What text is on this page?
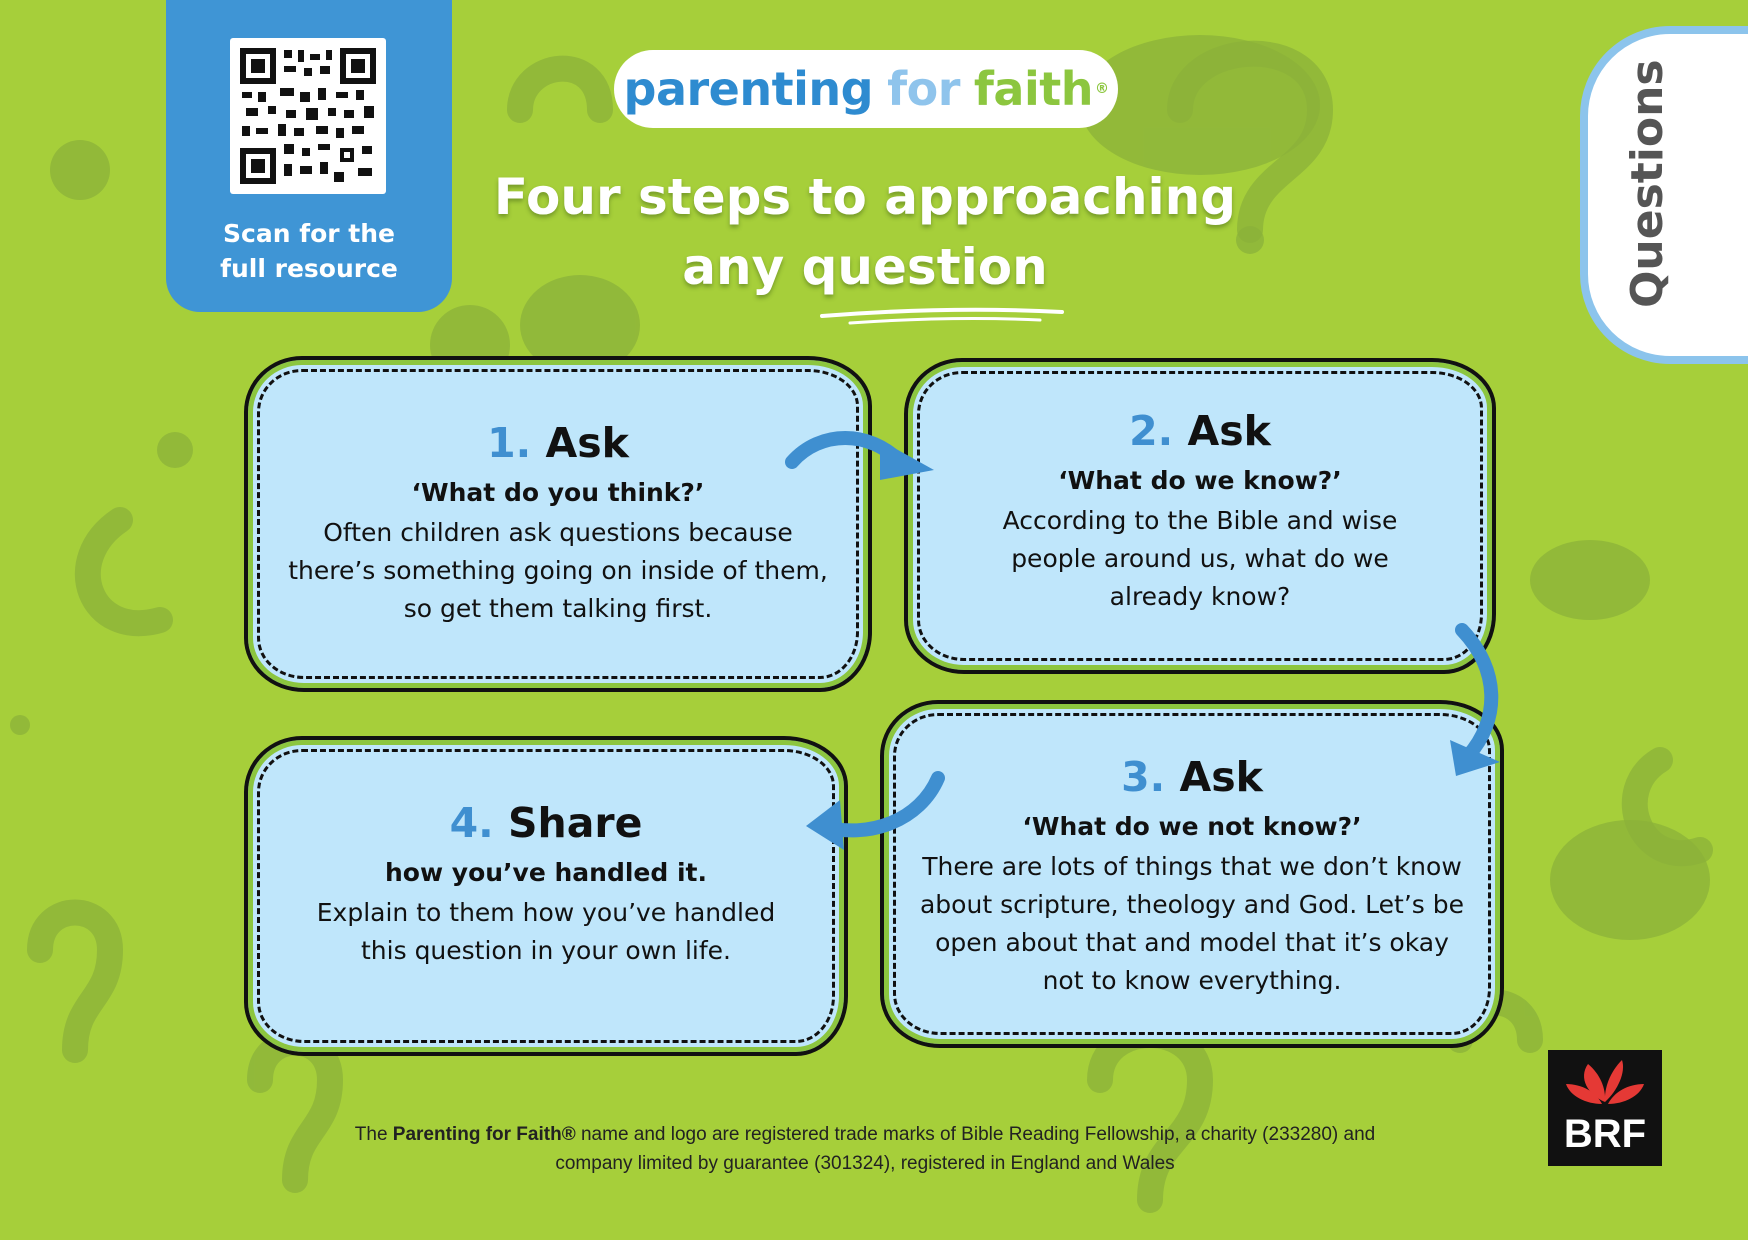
Scan for the
full resource
parenting for faith ®
Four steps to approaching
any question	Questions
1. Ask
‘What do you think?’
Often children ask questions because there’s something going on inside of them, so get them talking first.
2. Ask
‘What do we know?’
According to the Bible and wise people around us, what do we already know?
3. Ask
‘What do we not know?’
There are lots of things that we don’t know about scripture, theology and God. Let’s be open about that and model that it’s okay not to know everything.
4. Share
how you’ve handled it.
Explain to them how you’ve handled this question in your own life.
The Parenting for Faith® name and logo are registered trade marks of Bible Reading Fellowship, a charity (233280) and company limited by guarantee (301324), registered in England and Wales
BRF
